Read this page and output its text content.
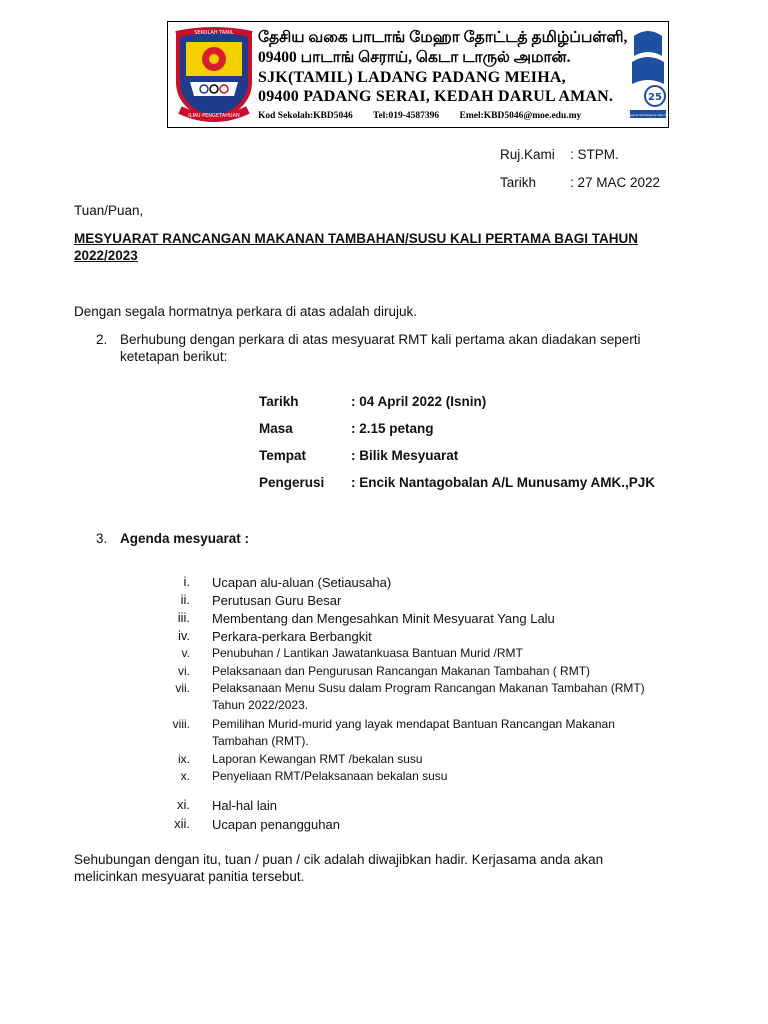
SEKOLAH TAMIL
ILMU PENGETAHUAN
தேசிய வகை பாடாங் மேஹா தோட்டத் தமிழ்ப்பள்ளி,
09400 பாடாங் செராய், கெடா டாருல் அமான்.
SJK(TAMIL) LADANG PADANG MEIHA,
09400 PADANG SERAI, KEDAH DARUL AMAN.
Kod Sekolah:KBD5046 Tel:019-4587396 Emel:KBD5046@moe.edu.my
25
Penggerak Pembelajaran Bermakna
Ruj.Kami : STPM.
Tarikh	: 27 MAC 2022
Tuan/Puan,
MESYUARAT RANCANGAN MAKANAN TAMBAHAN/SUSU KALI PERTAMA BAGI TAHUN
2022/2023
Dengan segala hormatnya perkara di atas adalah dirujuk.
2. Berhubung dengan perkara di atas mesyuarat RMT kali pertama akan diadakan seperti
ketetapan berikut:
Tarikh	: 04 April 2022 (Isnin)
Masa	: 2.15 petang
Tempat	: Bilik Mesyuarat
Pengerusi : Encik Nantagobalan A/L Munusamy AMK.,PJK
3. Agenda mesyuarat :
i. Ucapan alu-aluan (Setiausaha)
ii. Perutusan Guru Besar
iii. Membentang dan Mengesahkan Minit Mesyuarat Yang Lalu
iv. Perkara-perkara Berbangkit
v. Penubuhan / Lantikan Jawatankuasa Bantuan Murid /RMT
vi. Pelaksanaan dan Pengurusan Rancangan Makanan Tambahan ( RMT)
vii. Pelaksanaan Menu Susu dalam Program Rancangan Makanan Tambahan (RMT)
Tahun 2022/2023.
viii. Pemilihan Murid-murid yang layak mendapat Bantuan Rancangan Makanan
Tambahan (RMT).
ix. Laporan Kewangan RMT /bekalan susu
x. Penyeliaan RMT/Pelaksanaan bekalan susu
xi. Hal-hal lain
xii. Ucapan penangguhan
Sehubungan dengan itu, tuan / puan / cik adalah diwajibkan hadir. Kerjasama anda akan
melicinkan mesyuarat panitia tersebut.
